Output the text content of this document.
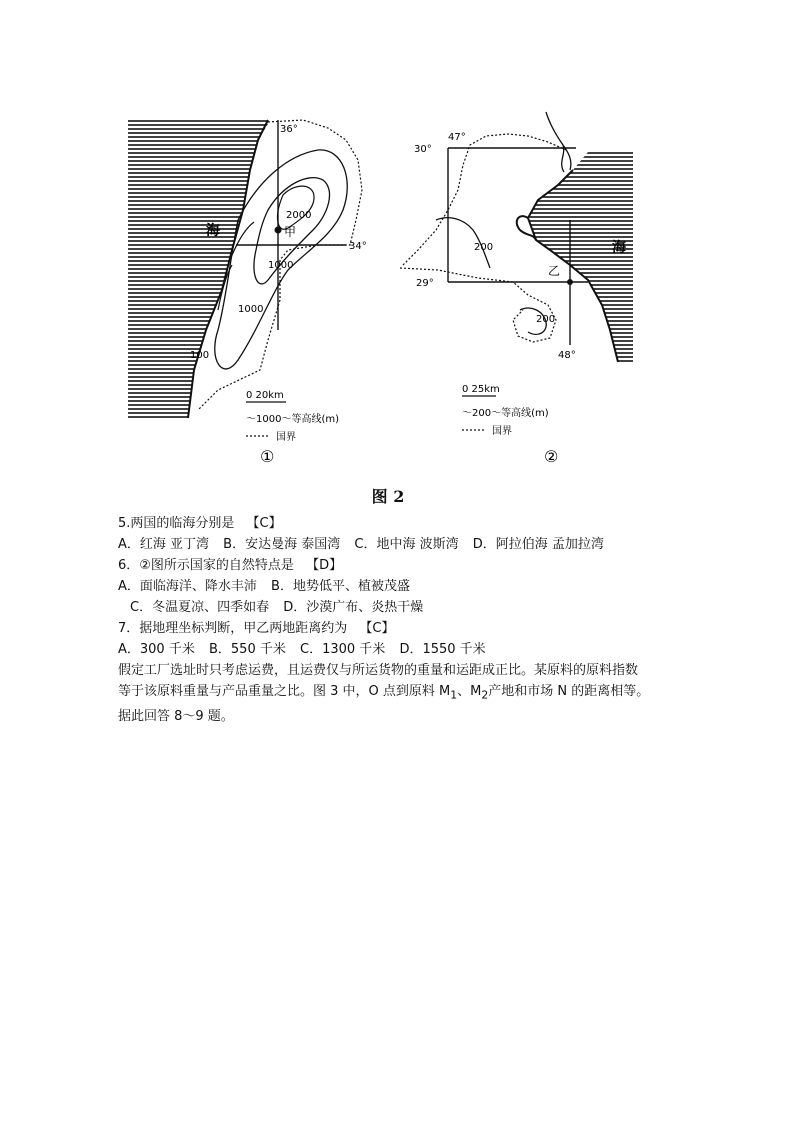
36°
34°
海	甲
2000
1000
1000
100
0 20km
～1000～等高线(m)
国界
①
30°
47°
29°
48°
海
乙
200
200
0 25km
～200～等高线(m)
国界
②
图 2
5.两国的临海分别是 【C】
A．红海 亚丁湾 B．安达曼海 泰国湾 C．地中海 波斯湾 D．阿拉伯海 孟加拉湾
6．②图所示国家的自然特点是 【D】
A．面临海洋、降水丰沛 B．地势低平、植被茂盛
C．冬温夏凉、四季如春 D．沙漠广布、炎热干燥
7．据地理坐标判断，甲乙两地距离约为 【C】
A．300 千米 B．550 千米 C．1300 千米 D．1550 千米
假定工厂选址时只考虑运费，且运费仅与所运货物的重量和运距成正比。某原料的原料指数
等于该原料重量与产品重量之比。图 3 中，O 点到原料 $M_1$、$M_2$产地和市场 N 的距离相等。
据此回答 8～9 题。
